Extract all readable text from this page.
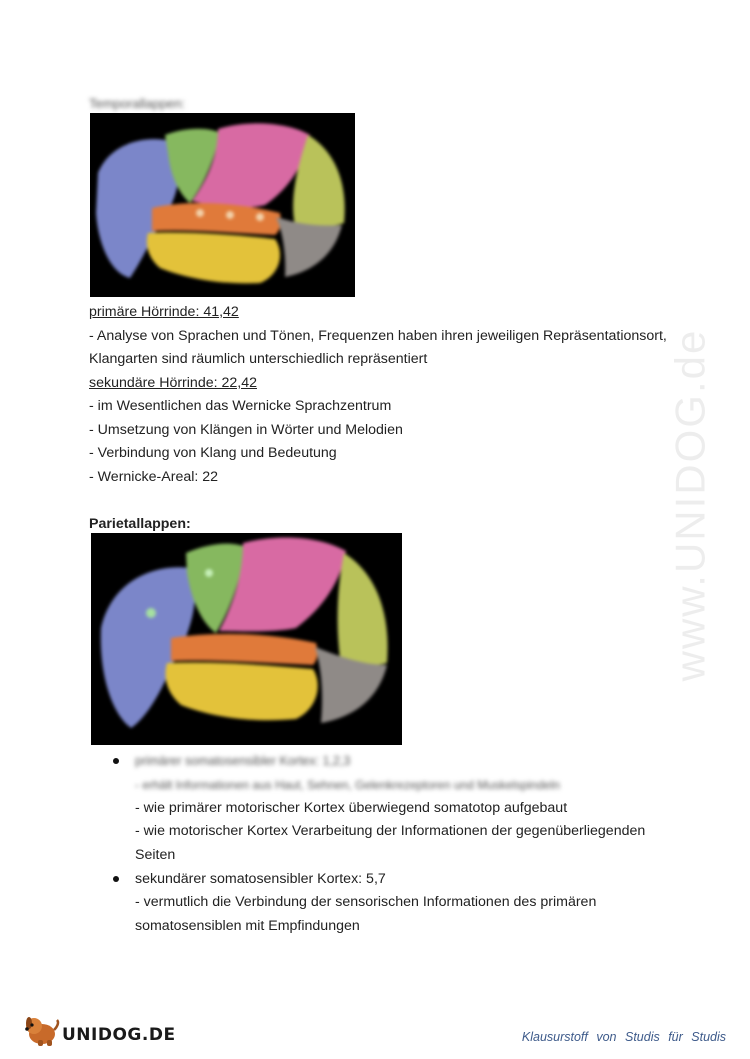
Temporallappen:
primäre Hörrinde: 41,42
- Analyse von Sprachen und Tönen, Frequenzen haben ihren jeweiligen Repräsentationsort,
Klangarten sind räumlich unterschiedlich repräsentiert
sekundäre Hörrinde: 22,42
- im Wesentlichen das Wernicke Sprachzentrum
- Umsetzung von Klängen in Wörter und Melodien
- Verbindung von Klang und Bedeutung
- Wernicke-Areal: 22
Parietallappen:
primärer somatosensibler Kortex: 1,2,3
- erhält Informationen aus Haut, Sehnen, Gelenkrezeptoren und Muskelspindeln
- wie primärer motorischer Kortex überwiegend somatotop aufgebaut
- wie motorischer Kortex Verarbeitung der Informationen der gegenüberliegenden
Seiten
sekundärer somatosensibler Kortex: 5,7
- vermutlich die Verbindung der sensorischen Informationen des primären
somatosensiblen mit Empfindungen
www.UNIDOG.de
UNIDOG.DE	Klausurstoff von Studis für Studis
